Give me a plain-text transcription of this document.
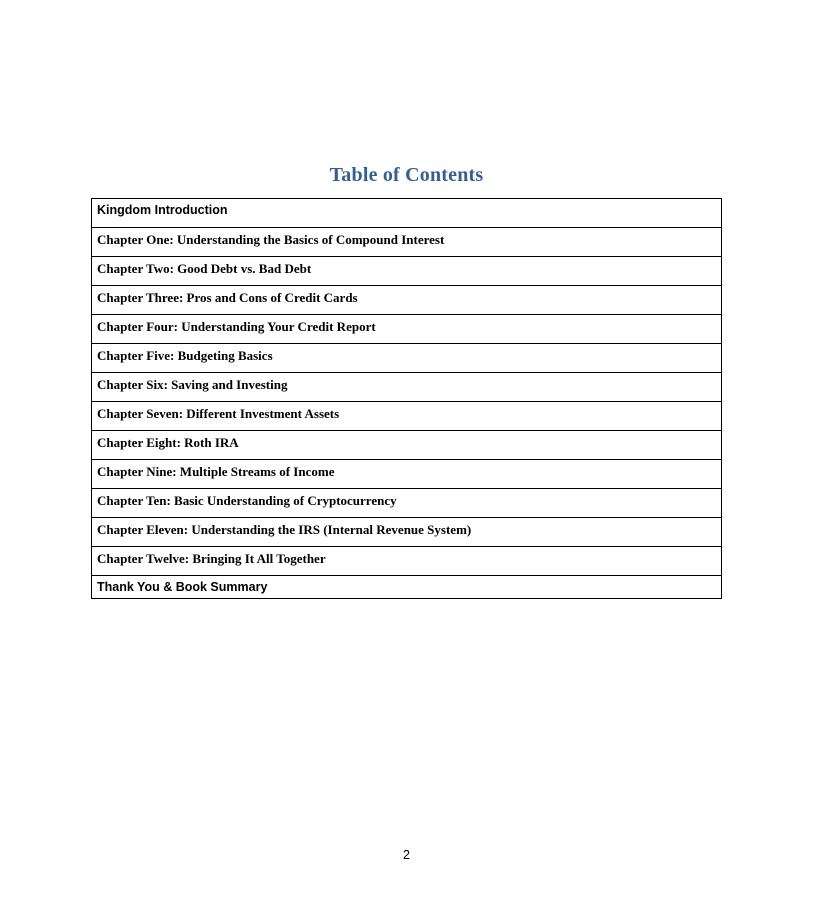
Table of Contents
Kingdom Introduction
Chapter One: Understanding the Basics of Compound Interest
Chapter Two: Good Debt vs. Bad Debt
Chapter Three: Pros and Cons of Credit Cards
Chapter Four: Understanding Your Credit Report
Chapter Five: Budgeting Basics
Chapter Six: Saving and Investing
Chapter Seven: Different Investment Assets
Chapter Eight: Roth IRA
Chapter Nine: Multiple Streams of Income
Chapter Ten: Basic Understanding of Cryptocurrency
Chapter Eleven: Understanding the IRS (Internal Revenue System)
Chapter Twelve: Bringing It All Together
Thank You & Book Summary
2
